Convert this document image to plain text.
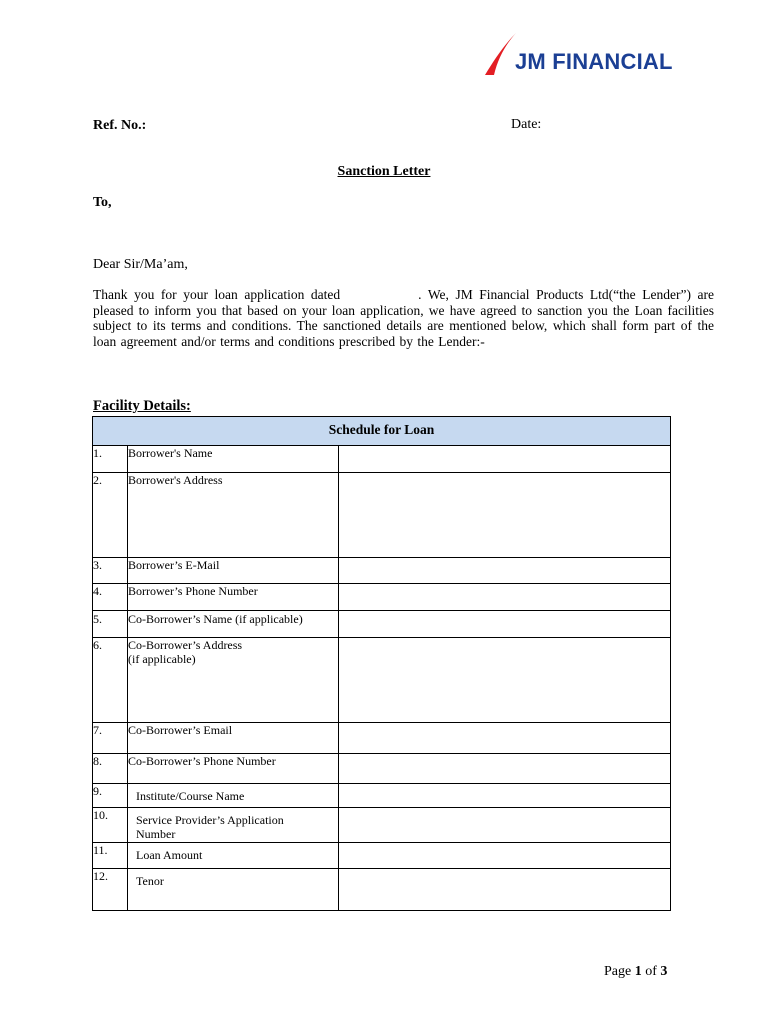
JM FINANCIAL
Ref. No.:	Date:
Sanction Letter
To,
Dear Sir/Ma’am,
Thank you for your loan application dated	. We, JM Financial Products Ltd(“the Lender”) are pleased to inform you that based on your loan application, we have agreed to sanction you the Loan facilities subject to its terms and conditions. The sanctioned details are mentioned below, which shall form part of the loan agreement and/or terms and conditions prescribed by the Lender:-
Facility Details:
Schedule for Loan		
1.	Borrower's Name	
2.	Borrower's Address	
3.	Borrower’s E-Mail	
4.	Borrower’s Phone Number	
5.	Co-Borrower’s Name (if applicable)	
6.	Co-Borrower’s Address
(if applicable)	

7.	Co-Borrower’s Email	
8.	Co-Borrower’s Phone Number	
9.	Institute/Course Name	
10.	Service Provider’s Application
Number	

11.	Loan Amount	
12.	Tenor	
Page 1 of 3
